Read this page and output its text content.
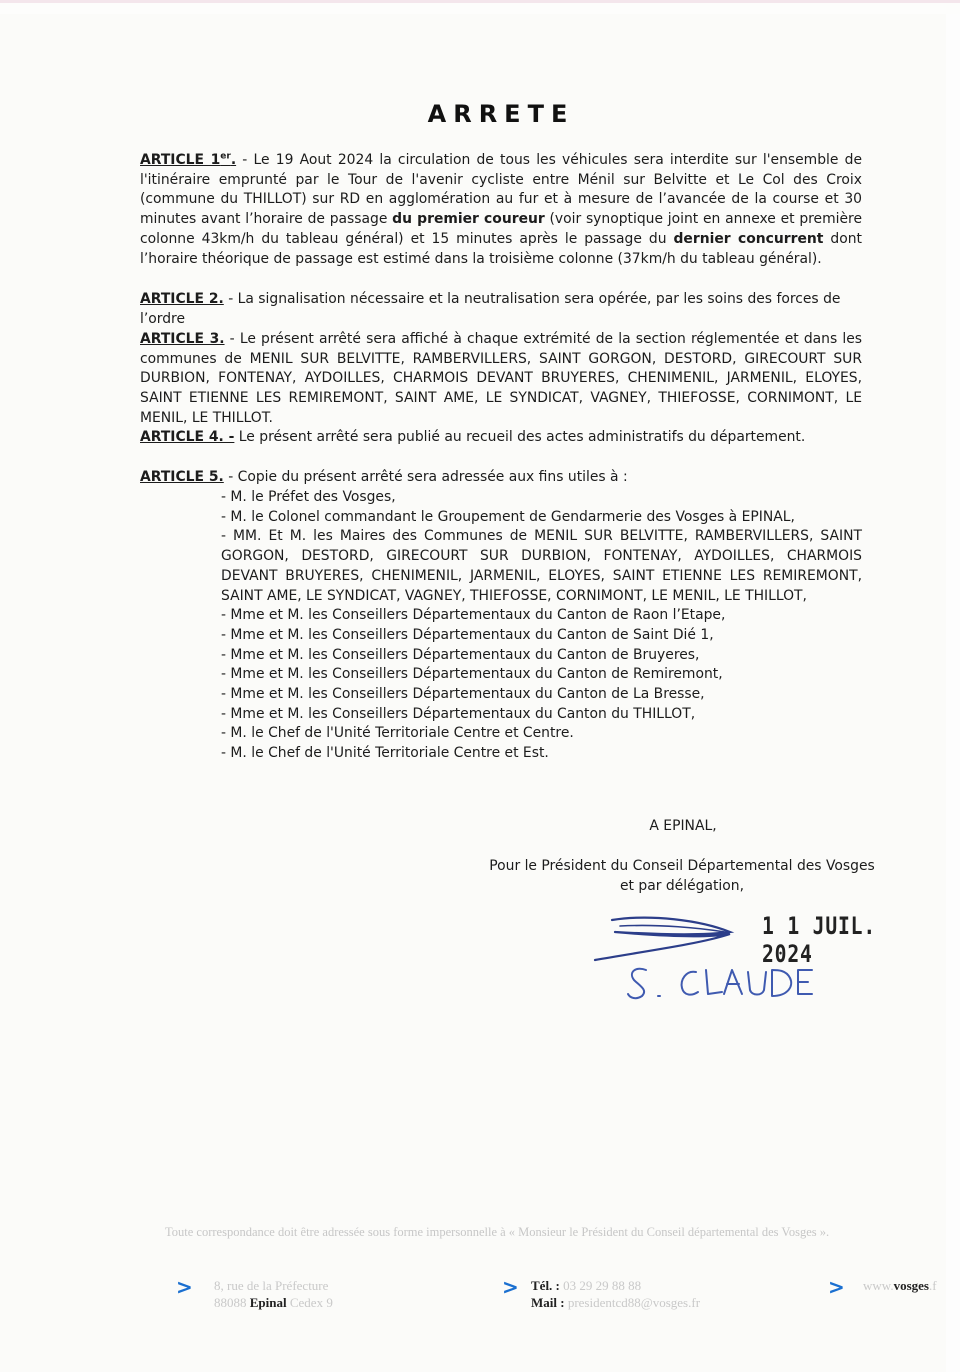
ARRETE
ARTICLE 1er. - Le 19 Aout 2024 la circulation de tous les véhicules sera interdite sur l'ensemble de l'itinéraire emprunté par le Tour de l'avenir cycliste entre Ménil sur Belvitte et Le Col des Croix (commune du THILLOT) sur RD en agglomération au fur et à mesure de l’avancée de la course et 30 minutes avant l’horaire de passage du premier coureur (voir synoptique joint en annexe et première colonne 43km/h du tableau général) et 15 minutes après le passage du dernier concurrent dont l’horaire théorique de passage est estimé dans la troisième colonne (37km/h du tableau général).
ARTICLE 2. - La signalisation nécessaire et la neutralisation sera opérée, par les soins des forces de l’ordre
ARTICLE 3. - Le présent arrêté sera affiché à chaque extrémité de la section réglementée et dans les communes de MENIL SUR BELVITTE, RAMBERVILLERS, SAINT GORGON, DESTORD, GIRECOURT SUR DURBION, FONTENAY, AYDOILLES, CHARMOIS DEVANT BRUYERES, CHENIMENIL, JARMENIL, ELOYES, SAINT ETIENNE LES REMIREMONT, SAINT AME, LE SYNDICAT, VAGNEY, THIEFOSSE, CORNIMONT, LE MENIL, LE THILLOT.
ARTICLE 4. - Le présent arrêté sera publié au recueil des actes administratifs du département.
ARTICLE 5. - Copie du présent arrêté sera adressée aux fins utiles à :
- M. le Préfet des Vosges,
- M. le Colonel commandant le Groupement de Gendarmerie des Vosges à EPINAL,
- MM. Et M. les Maires des Communes de MENIL SUR BELVITTE, RAMBERVILLERS, SAINT GORGON, DESTORD, GIRECOURT SUR DURBION, FONTENAY, AYDOILLES, CHARMOIS DEVANT BRUYERES, CHENIMENIL, JARMENIL, ELOYES, SAINT ETIENNE LES REMIREMONT, SAINT AME, LE SYNDICAT, VAGNEY, THIEFOSSE, CORNIMONT, LE MENIL, LE THILLOT,
- Mme et M. les Conseillers Départementaux du Canton de Raon l’Etape,
- Mme et M. les Conseillers Départementaux du Canton de Saint Dié 1,
- Mme et M. les Conseillers Départementaux du Canton de Bruyeres,
- Mme et M. les Conseillers Départementaux du Canton de Remiremont,
- Mme et M. les Conseillers Départementaux du Canton de La Bresse,
- Mme et M. les Conseillers Départementaux du Canton du THILLOT,
- M. le Chef de l'Unité Territoriale Centre et Centre.
- M. le Chef de l'Unité Territoriale Centre et Est.
A EPINAL,
Pour le Président du Conseil Départemental des Vosges
et par délégation,
1 1 JUIL. 2024
Toute correspondance doit être adressée sous forme impersonnelle à « Monsieur le Président du Conseil départemental des Vosges ».
> 8, rue de la Préfecture
88088 Epinal Cedex 9
> Tél. : 03 29 29 88 88
Mail : presidentcd88@vosges.fr
> www.vosges.f
